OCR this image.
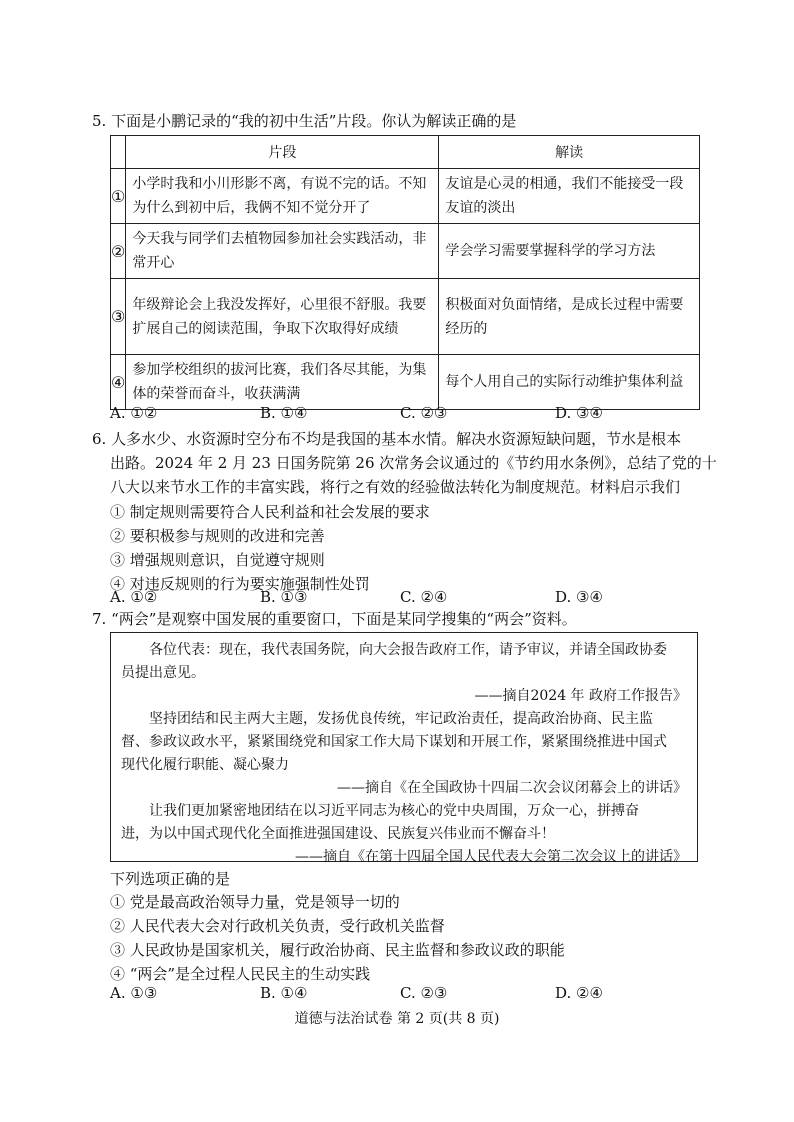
5. 下面是小鹏记录的“我的初中生活”片段。你认为解读正确的是
	片段	解读
①	小学时我和小川形影不离，有说不完的话。不知为什么到初中后，我俩不知不觉分开了	友谊是心灵的相通，我们不能接受一段友谊的淡出
②	今天我与同学们去植物园参加社会实践活动，非常开心	学会学习需要掌握科学的学习方法
③	年级辩论会上我没发挥好，心里很不舒服。我要扩展自己的阅读范围，争取下次取得好成绩	积极面对负面情绪，是成长过程中需要经历的
④	参加学校组织的拔河比赛，我们各尽其能，为集体的荣誉而奋斗，收获满满	每个人用自己的实际行动维护集体利益
A. ①②	B. ①④	C. ②③	D. ③④

6. 人多水少、水资源时空分布不均是我国的基本水情。解决水资源短缺问题，节水是根本

出路。2024 年 2 月 23 日国务院第 26 次常务会议通过的《节约用水条例》，总结了党的十

八大以来节水工作的丰富实践，将行之有效的经验做法转化为制度规范。材料启示我们

① 制定规则需要符合人民利益和社会发展的要求

② 要积极参与规则的改进和完善

③ 增强规则意识，自觉遵守规则

④ 对违反规则的行为要实施强制性处罚

A. ①②	B. ①③	C. ②④	D. ③④
7. “两会”是观察中国发展的重要窗口，下面是某同学搜集的“两会”资料。

各位代表：现在，我代表国务院，向大会报告政府工作，请予审议，并请全国政协委

员提出意见。

——摘自2024 年 政府工作报告》

坚持团结和民主两大主题，发扬优良传统，牢记政治责任，提高政治协商、民主监

督、参政议政水平，紧紧围绕党和国家工作大局下谋划和开展工作，紧紧围绕推进中国式

现代化履行职能、凝心聚力

——摘自《在全国政协十四届二次会议闭幕会上的讲话》

让我们更加紧密地团结在以习近平同志为核心的党中央周围，万众一心，拼搏奋

进，为以中国式现代化全面推进强国建设、民族复兴伟业而不懈奋斗！

——摘自《在第十四届全国人民代表大会第二次会议上的讲话》

下列选项正确的是

① 党是最高政治领导力量，党是领导一切的

② 人民代表大会对行政机关负责，受行政机关监督

③ 人民政协是国家机关，履行政治协商、民主监督和参政议政的职能

④ “两会”是全过程人民民主的生动实践

A. ①③	B. ①④	C. ②③	D. ②④
道德与法治试卷 第 2 页(共 8 页)
